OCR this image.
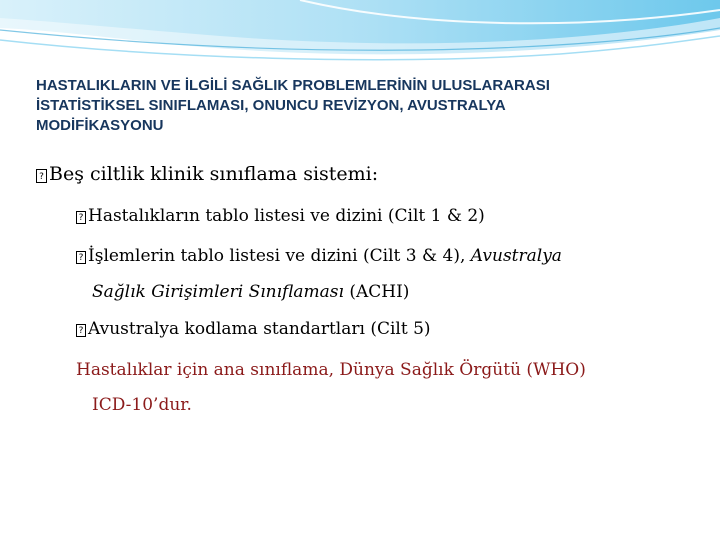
HASTALIKLARIN VE İLGİLİ SAĞLIK PROBLEMLERİNİN ULUSLARARASI
İSTATİSTİKSEL SINIFLAMASI, ONUNCU REVİZYON, AVUSTRALYA
MODİFİKASYONU
? Beş ciltlik klinik sınıflama sistemi:
? Hastalıkların tablo listesi ve dizini (Cilt 1 & 2)
? İşlemlerin tablo listesi ve dizini (Cilt 3 & 4), Avustralya
Sağlık Girişimleri Sınıflaması (ACHI)
? Avustralya kodlama standartları (Cilt 5)
Hastalıklar için ana sınıflama, Dünya Sağlık Örgütü (WHO)
ICD-10’dur.
